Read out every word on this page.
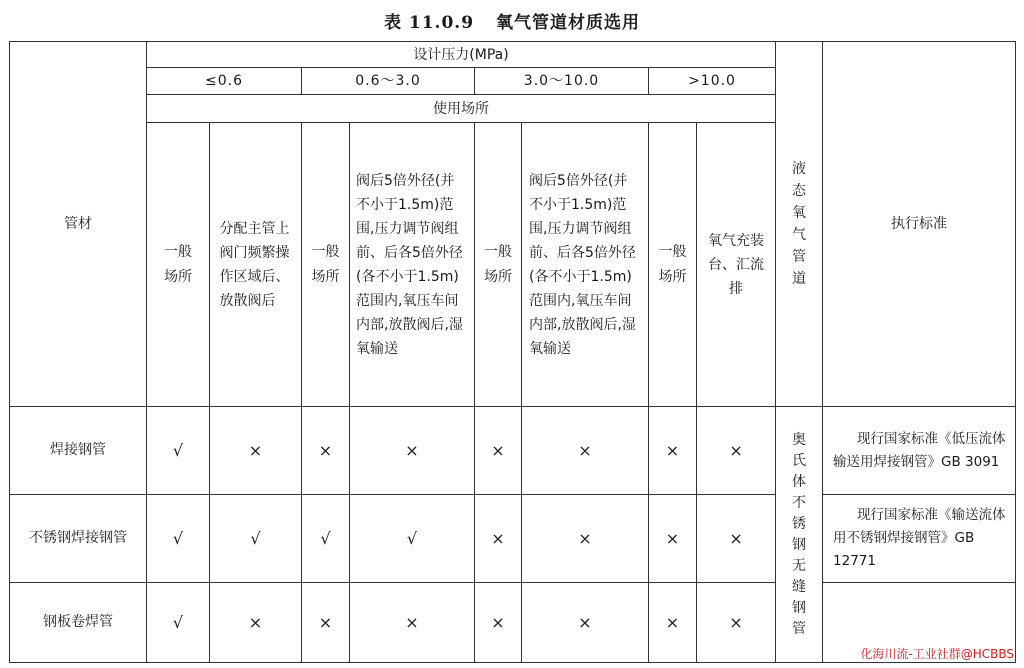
表 11.0.9 氧气管道材质选用
管材	设计压力(MPa)								液态氧气管道	执行标准
	≤0.6		0.6～3.0		3.0～10.0		>10.0			
	使用场所									

	一般场所	分配主管上阀门频繁操作区域后、放散阀后	一般场所	阀后5倍外径(并不小于1.5m)范围,压力调节阀组前、后各5倍外径(各不小于1.5m)范围内,氧压车间内部,放散阀后,湿氧输送	一般场所	阀后5倍外径(并不小于1.5m)范围,压力调节阀组前、后各5倍外径(各不小于1.5m)范围内,氧压车间内部,放散阀后,湿氧输送	一般场所	氧气充装台、汇流排		

焊接钢管	√	×	×	×	×	×	×	×	奥氏体不锈钢无缝钢管	现行国家标准《低压流体输送用焊接钢管》GB 3091
不锈钢焊接钢管	√	√	√	√	×	×	×	×		现行国家标准《输送流体用不锈钢焊接钢管》GB 12771
钢板卷焊管	√	×	×	×	×	×	×	×		
化海川流-工业社群@HCBBS
